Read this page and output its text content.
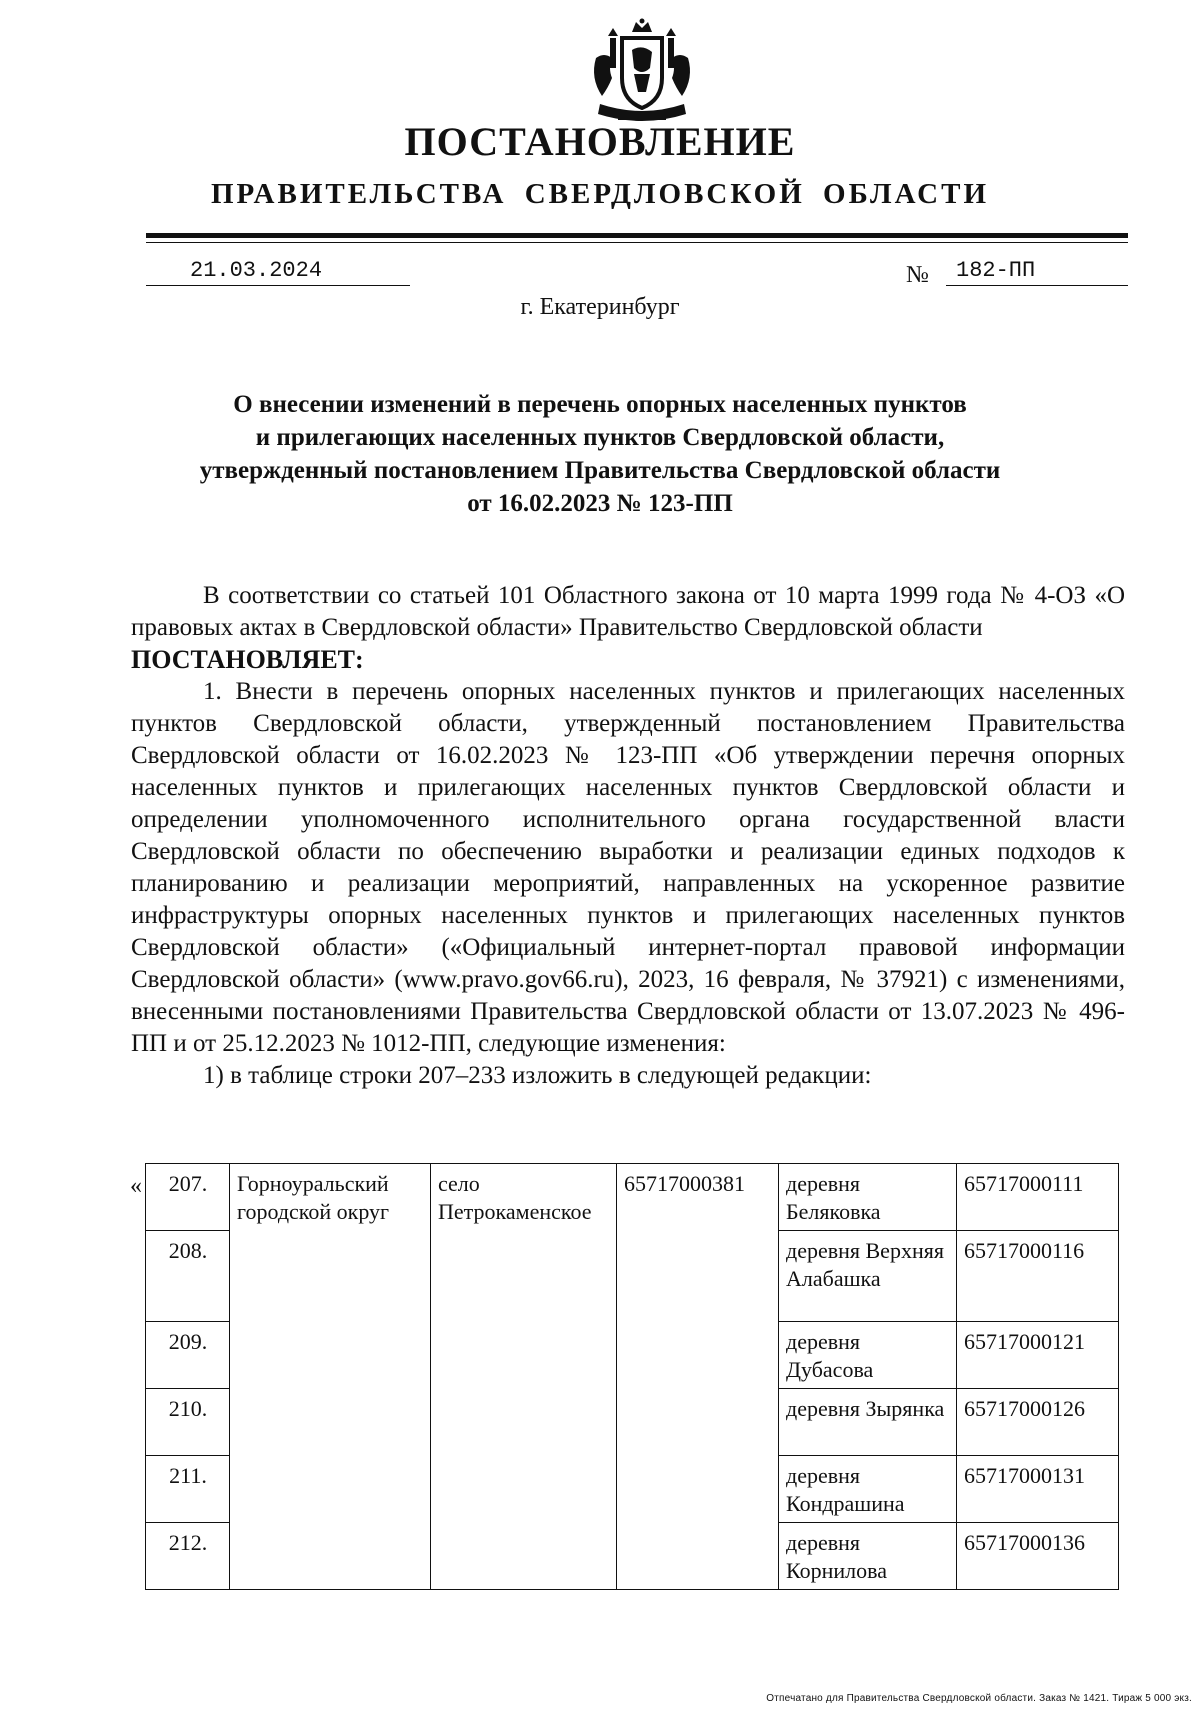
ПОСТАНОВЛЕНИЕ
ПРАВИТЕЛЬСТВА СВЕРДЛОВСКОЙ ОБЛАСТИ
21.03.2024	№	182-ПП
г. Екатеринбург
О внесении изменений в перечень опорных населенных пунктов
и прилегающих населенных пунктов Свердловской области,
утвержденный постановлением Правительства Свердловской области
от 16.02.2023 № 123-ПП

В соответствии со статьей 101 Областного закона от 10 марта 1999 года № 4-ОЗ «О правовых актах в Свердловской области» Правительство Свердловской области

ПОСТАНОВЛЯЕТ:

1. Внести в перечень опорных населенных пунктов и прилегающих населенных пунктов Свердловской области, утвержденный постановлением Правительства Свердловской области от 16.02.2023 № 123-ПП «Об утверждении перечня опорных населенных пунктов и прилегающих населенных пунктов Свердловской области и определении уполномоченного исполнительного органа государственной власти Свердловской области по обеспечению выработки и реализации единых подходов к планированию и реализации мероприятий, направленных на ускоренное развитие инфраструктуры опорных населенных пунктов и прилегающих населенных пунктов Свердловской области» («Официальный интернет-портал правовой информации Свердловской области» (www.pravo.gov66.ru), 2023, 16 февраля, № 37921) с изменениями, внесенными постановлениями Правительства Свердловской области от 13.07.2023 № 496-ПП и от 25.12.2023 № 1012-ПП, следующие изменения:

1) в таблице строки 207–233 изложить в следующей редакции:

« 207.	Горноуральский городской округ	село Петрокаменское	65717000381	деревня Беляковка	65717000111
208.				деревня Верхняя Алабашка	65717000116
209.				деревня Дубасова	65717000121
210.				деревня Зырянка	65717000126
211.				деревня Кондрашина	65717000131
212.				деревня Корнилова	65717000136
Отпечатано для Правительства Свердловской области. Заказ № 1421. Тираж 5 000 экз.
